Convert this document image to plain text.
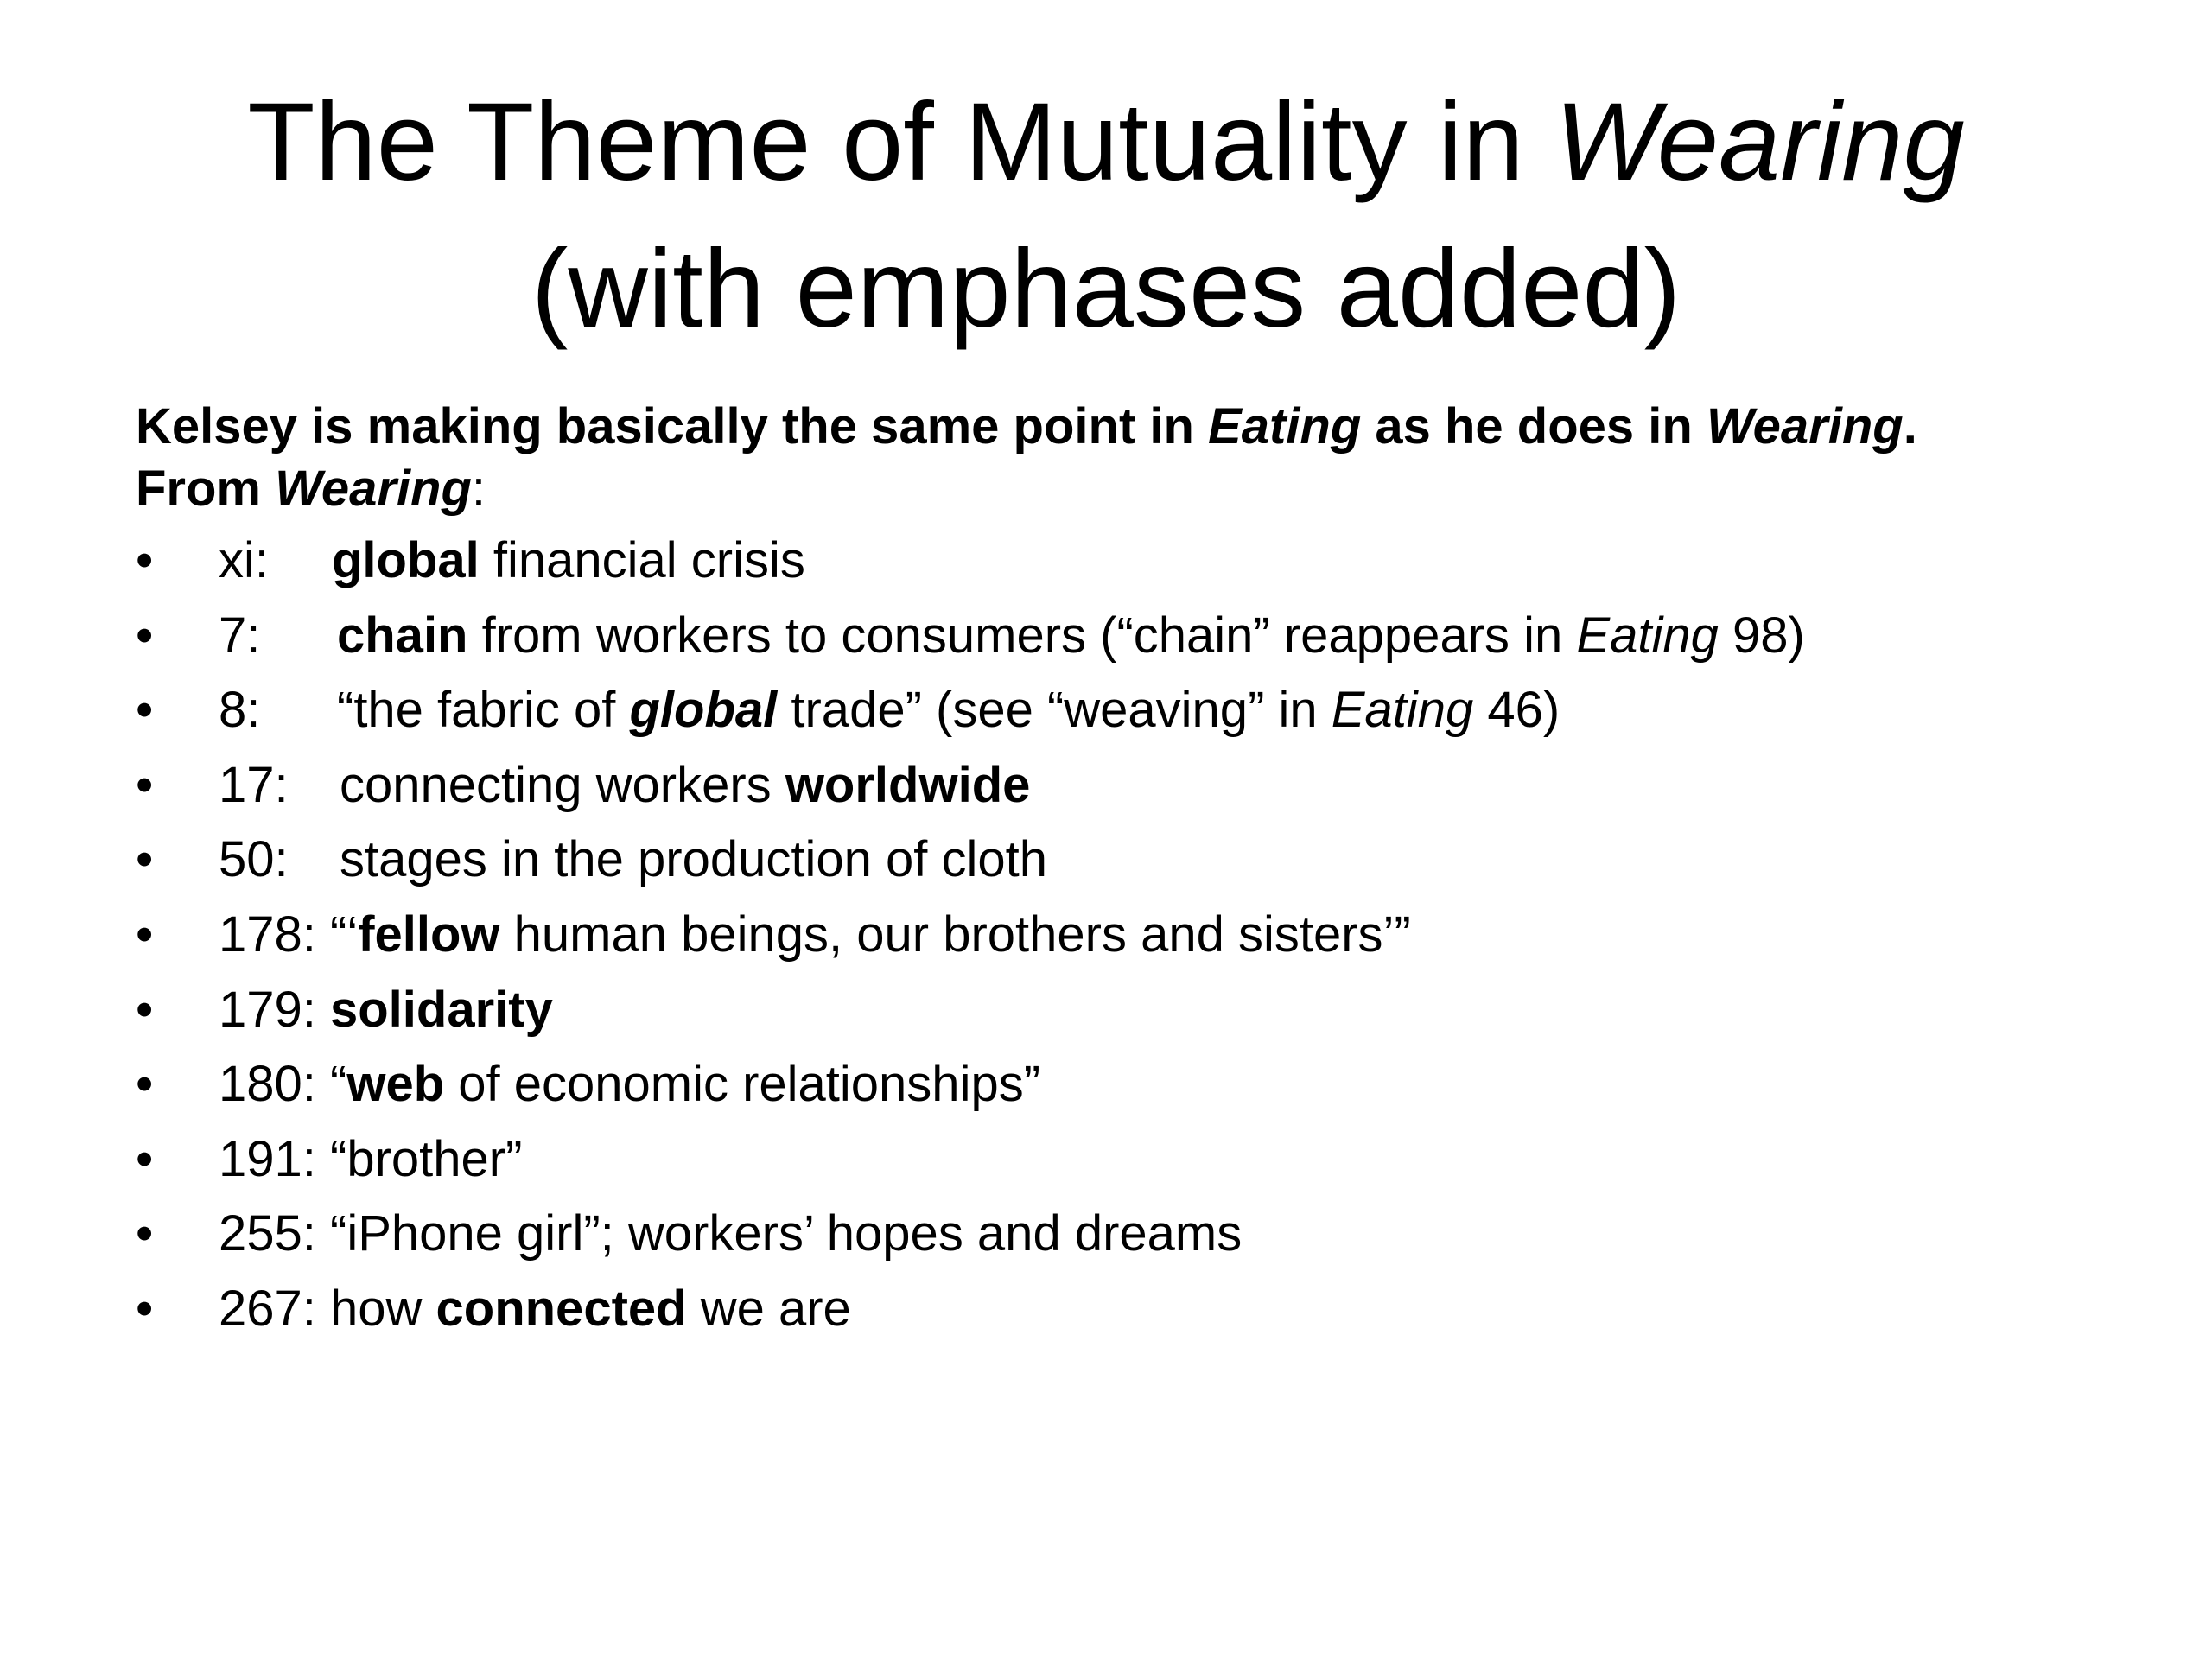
The Theme of Mutuality in Wearing
(with emphases added)
Kelsey is making basically the same point in Eating as he does in Wearing.
From Wearing:
•	xi: global financial crisis
•	7: chain from workers to consumers (“chain” reappears in Eating 98)
•	8: “the fabric of global trade” (see “weaving” in Eating 46)
•	17: connecting workers worldwide
•	50: stages in the production of cloth
•	178: “‘fellow human beings, our brothers and sisters’”
•	179: solidarity
•	180: “web of economic relationships”
•	191: “brother”
•	255: “iPhone girl”; workers’ hopes and dreams
•	267: how connected we are
